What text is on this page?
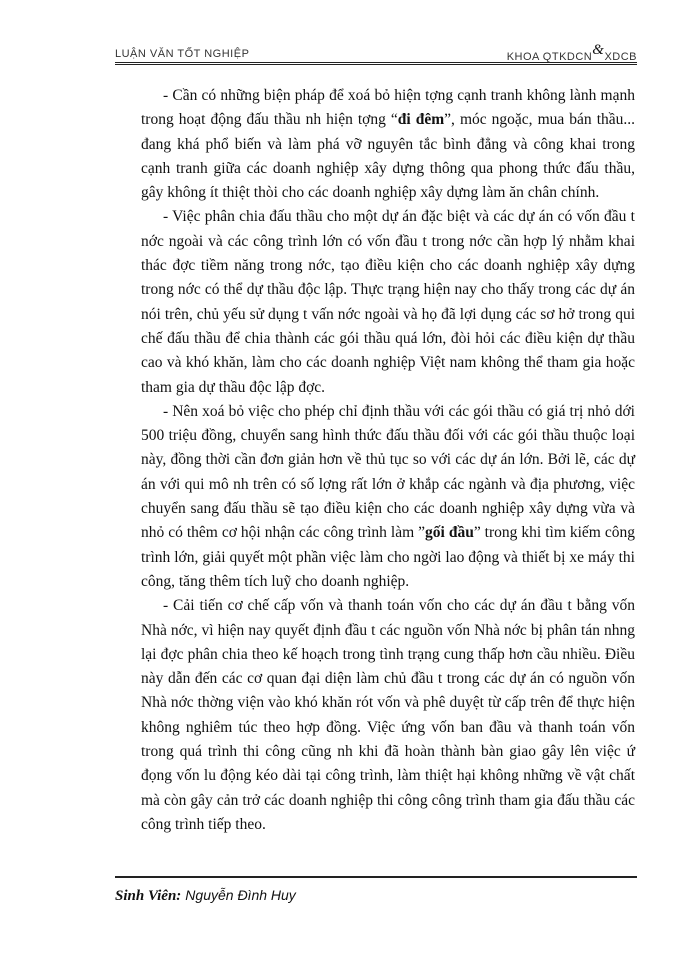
LUẬN VĂN TỐT NGHIỆP	KHOA QTKDCN&XDCB

- Cần có những biện pháp để xoá bỏ hiện tợng cạnh tranh không lành mạnh trong hoạt động đấu thầu nh hiện tợng “đi đêm”, móc ngoặc, mua bán thầu... đang khá phổ biến và làm phá vỡ nguyên tắc bình đẳng và công khai trong cạnh tranh giữa các doanh nghiệp xây dựng thông qua phong thức đấu thầu, gây không ít thiệt thòi cho các doanh nghiệp xây dựng làm ăn chân chính.

- Việc phân chia đấu thầu cho một dự án đặc biệt và các dự án có vốn đầu t nớc ngoài và các công trình lớn có vốn đầu t trong nớc cần hợp lý nhằm khai thác đợc tiềm năng trong nớc, tạo điều kiện cho các doanh nghiệp xây dựng trong nớc có thể dự thầu độc lập. Thực trạng hiện nay cho thấy trong các dự án nói trên, chủ yếu sử dụng t vấn nớc ngoài và họ đã lợi dụng các sơ hở trong qui chế đấu thầu để chia thành các gói thầu quá lớn, đòi hỏi các điều kiện dự thầu cao và khó khăn, làm cho các doanh nghiệp Việt nam không thể tham gia hoặc tham gia dự thầu độc lập đợc.

- Nên xoá bỏ việc cho phép chỉ định thầu với các gói thầu có giá trị nhỏ dới 500 triệu đồng, chuyển sang hình thức đấu thầu đối với các gói thầu thuộc loại này, đồng thời cần đơn giản hơn về thủ tục so với các dự án lớn. Bởi lẽ, các dự án với qui mô nh trên có số lợng rất lớn ở khắp các ngành và địa phương, việc chuyển sang đấu thầu sẽ tạo điều kiện cho các doanh nghiệp xây dựng vừa và nhỏ có thêm cơ hội nhận các công trình làm ”gối đầu” trong khi tìm kiếm công trình lớn, giải quyết một phần việc làm cho ngời lao động và thiết bị xe máy thi công, tăng thêm tích luỹ cho doanh nghiệp.

- Cải tiến cơ chế cấp vốn và thanh toán vốn cho các dự án đầu t bằng vốn Nhà nớc, vì hiện nay quyết định đầu t các nguồn vốn Nhà nớc bị phân tán nhng lại đợc phân chia theo kế hoạch trong tình trạng cung thấp hơn cầu nhiều. Điều này dẫn đến các cơ quan đại diện làm chủ đầu t trong các dự án có nguồn vốn Nhà nớc thờng viện vào khó khăn rót vốn và phê duyệt từ cấp trên để thực hiện không nghiêm túc theo hợp đồng. Việc ứng vốn ban đầu và thanh toán vốn trong quá trình thi công cũng nh khi đã hoàn thành bàn giao gây lên việc ứ đọng vốn lu động kéo dài tại công trình, làm thiệt hại không những về vật chất mà còn gây cản trở các doanh nghiệp thi công công trình tham gia đấu thầu các công trình tiếp theo.

Sinh Viên: Nguyễn Đình Huy
